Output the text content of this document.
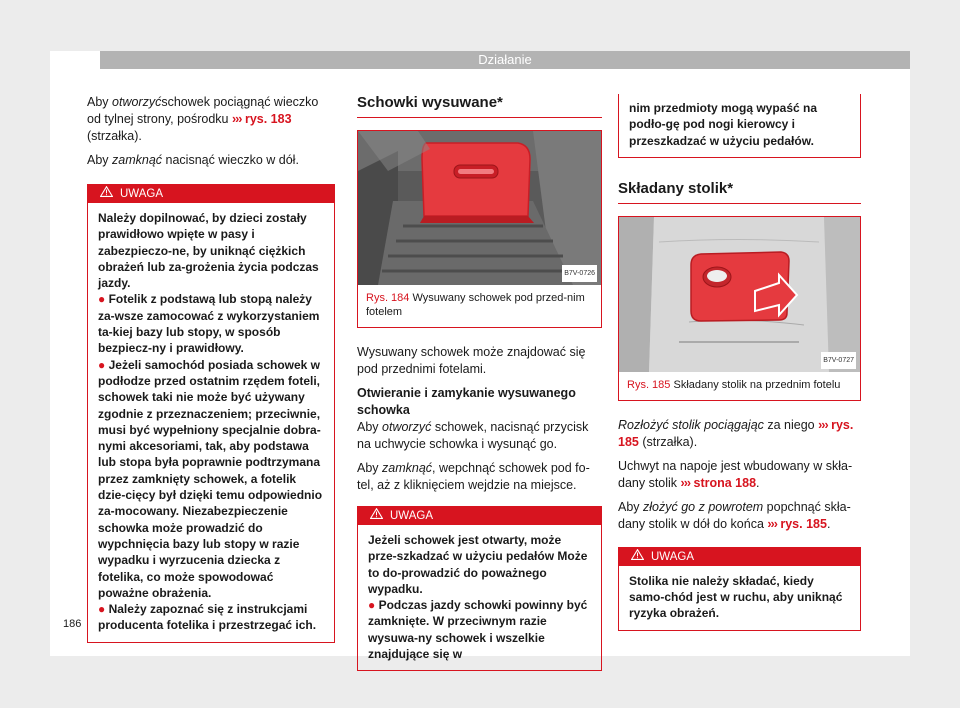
Działanie

Aby otworzyćschowek pociągnąć wieczko od tylnej strony, pośrodku ››› rys. 183 (strzałka).

Aby zamknąć nacisnąć wieczko w dół.

UWAGA

Należy dopilnować, by dzieci zostały prawidłowo wpięte w pasy i zabezpieczo-ne, by uniknąć ciężkich obrażeń lub za-grożenia życia podczas jazdy.

● Fotelik z podstawą lub stopą należy za-wsze zamocować z wykorzystaniem ta-kiej bazy lub stopy, w sposób bezpiecz-ny i prawidłowy.

● Jeżeli samochód posiada schowek w podłodze przed ostatnim rzędem foteli, schowek taki nie może być używany zgodnie z przeznaczeniem; przeciwnie, musi być wypełniony specjalnie dobra-nymi akcesoriami, tak, aby podstawa lub stopa była poprawnie podtrzymana przez zamknięty schowek, a fotelik dzie-cięcy był dzięki temu odpowiednio za-mocowany. Niezabezpieczenie schowka może prowadzić do wypchnięcia bazy lub stopy w razie wypadku i wyrzucenia dziecka z fotelika, co może spowodować poważne obrażenia.

● Należy zapoznać się z instrukcjami producenta fotelika i przestrzegać ich.

Schowki wysuwane*
B7V-0726
Rys. 184 Wysuwany schowek pod przed-nim fotelem

Wysuwany schowek może znajdować się pod przednimi fotelami.

Otwieranie i zamykanie wysuwanego schowka

Aby otworzyć schowek, nacisnąć przycisk na uchwycie schowka i wysunąć go.

Aby zamknąć, wepchnąć schowek pod fo-tel, aż z kliknięciem wejdzie na miejsce.

UWAGA

Jeżeli schowek jest otwarty, może prze-szkadzać w użyciu pedałów Może to do-prowadzić do poważnego wypadku.

● Podczas jazdy schowki powinny być zamknięte. W przeciwnym razie wysuwa-ny schowek i wszelkie znajdujące się w

nim przedmioty mogą wypaść na podło-gę pod nogi kierowcy i przeszkadzać w użyciu pedałów.
Składany stolik*
B7V-0727
Rys. 185 Składany stolik na przednim fotelu

Rozłożyć stolik pociągając za niego ››› rys. 185 (strzałka).

Uchwyt na napoje jest wbudowany w skła-dany stolik ››› strona 188.

Aby złożyć go z powrotem popchnąć skła-dany stolik w dół do końca ››› rys. 185.

UWAGA
Stolika nie należy składać, kiedy samo-chód jest w ruchu, aby uniknąć ryzyka obrażeń.
186
